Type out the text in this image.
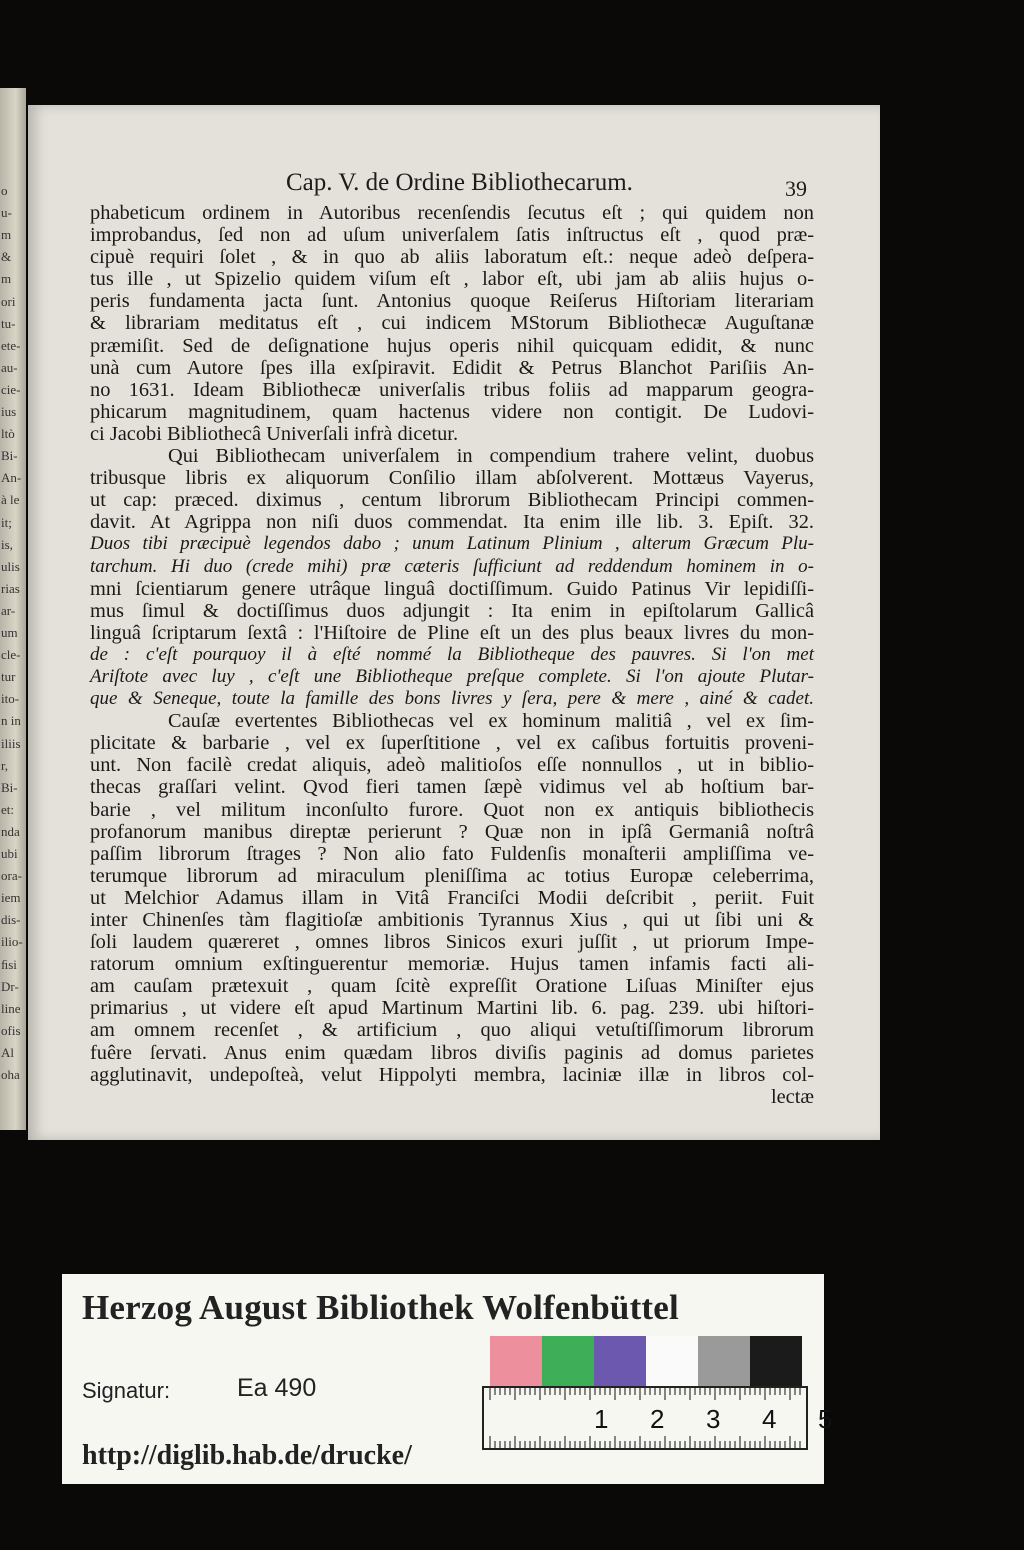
o
u-
m
&
m
ori
tu-
ete-
au-
cie-
ius
ltò
Bi-
An-
à le
it;
is,
ulis
rias
ar-
um
cle-
tur
ito-
n in
iliis
r,
Bi-
et:
nda
ubi
ora-
iem
dis-
ilio-
ﬁsi
Dr-
line
ofis
Al
oha
Cap. V. de Ordine Bibliothecarum.	39
phabeticum ordinem in Autoribus recenſendis ſecutus eſt ; qui quidem non
improbandus, ſed non ad uſum univerſalem ſatis inſtructus eſt , quod præ-
cipuè requiri ſolet , & in quo ab aliis laboratum eſt.: neque adeò deſpera-
tus ille , ut Spizelio quidem viſum eſt , labor eſt, ubi jam ab aliis hujus o-
peris fundamenta jacta ſunt. Antonius quoque Reiſerus Hiſtoriam literariam
& librariam meditatus eſt , cui indicem MStorum Bibliothecæ Auguſtanæ
præmiſit. Sed de deſignatione hujus operis nihil quicquam edidit, & nunc
unà cum Autore ſpes illa exſpiravit. Edidit & Petrus Blanchot Pariſiis An-
no 1631. Ideam Bibliothecæ univerſalis tribus foliis ad mapparum geogra-
phicarum magnitudinem, quam hactenus videre non contigit. De Ludovi-
ci Jacobi Bibliothecâ Univerſali infrà dicetur.
Qui Bibliothecam univerſalem in compendium trahere velint, duobus
tribusque libris ex aliquorum Conſilio illam abſolverent. Mottæus Vayerus,
ut cap: præced. diximus , centum librorum Bibliothecam Principi commen-
davit. At Agrippa non niſi duos commendat. Ita enim ille lib. 3. Epiſt. 32.
Duos tibi præcipuè legendos dabo ; unum Latinum Plinium , alterum Græcum Plu-
tarchum. Hi duo (crede mihi) præ cæteris ſufficiunt ad reddendum hominem in o-
mni ſcientiarum genere utrâque linguâ doctiſſimum. Guido Patinus Vir lepidiſſi-
mus ſimul & doctiſſimus duos adjungit : Ita enim in epiſtolarum Gallicâ
linguâ ſcriptarum ſextâ : l'Hiſtoire de Pline eſt un des plus beaux livres du mon-
de : c'eſt pourquoy il à eſté nommé la Bibliotheque des pauvres. Si l'on met
Ariſtote avec luy , c'eſt une Bibliotheque preſque complete. Si l'on ajoute Plutar-
que & Seneque, toute la famille des bons livres y ſera, pere & mere , ainé & cadet.
Cauſæ evertentes Bibliothecas vel ex hominum malitiâ , vel ex ſim-
plicitate & barbarie , vel ex ſuperſtitione , vel ex caſibus fortuitis proveni-
unt. Non facilè credat aliquis, adeò malitioſos eſſe nonnullos , ut in biblio-
thecas graſſari velint. Qvod fieri tamen ſæpè vidimus vel ab hoſtium bar-
barie , vel militum inconſulto furore. Quot non ex antiquis bibliothecis
profanorum manibus direptæ perierunt ? Quæ non in ipſâ Germaniâ noſtrâ
paſſim librorum ſtrages ? Non alio fato Fuldenſis monaſterii ampliſſima ve-
terumque librorum ad miraculum pleniſſima ac totius Europæ celeberrima,
ut Melchior Adamus illam in Vitâ Franciſci Modii deſcribit , periit. Fuit
inter Chinenſes tàm flagitioſæ ambitionis Tyrannus Xius , qui ut ſibi uni &
ſoli laudem quæreret , omnes libros Sinicos exuri juſſit , ut priorum Impe-
ratorum omnium exſtinguerentur memoriæ. Hujus tamen infamis facti ali-
am cauſam prætexuit , quam ſcitè expreſſit Oratione Liſuas Miniſter ejus
primarius , ut videre eſt apud Martinum Martini lib. 6. pag. 239. ubi hiſtori-
am omnem recenſet , & artificium , quo aliqui vetuſtiſſimorum librorum
fuêre ſervati. Anus enim quædam libros diviſis paginis ad domus parietes
agglutinavit, undepoſteà, velut Hippolyti membra, laciniæ illæ in libros col-
lectæ
Herzog August Bibliothek Wolfenbüttel
Signatur:	Ea 490
1 2 3 4 5
http://diglib.hab.de/drucke/
